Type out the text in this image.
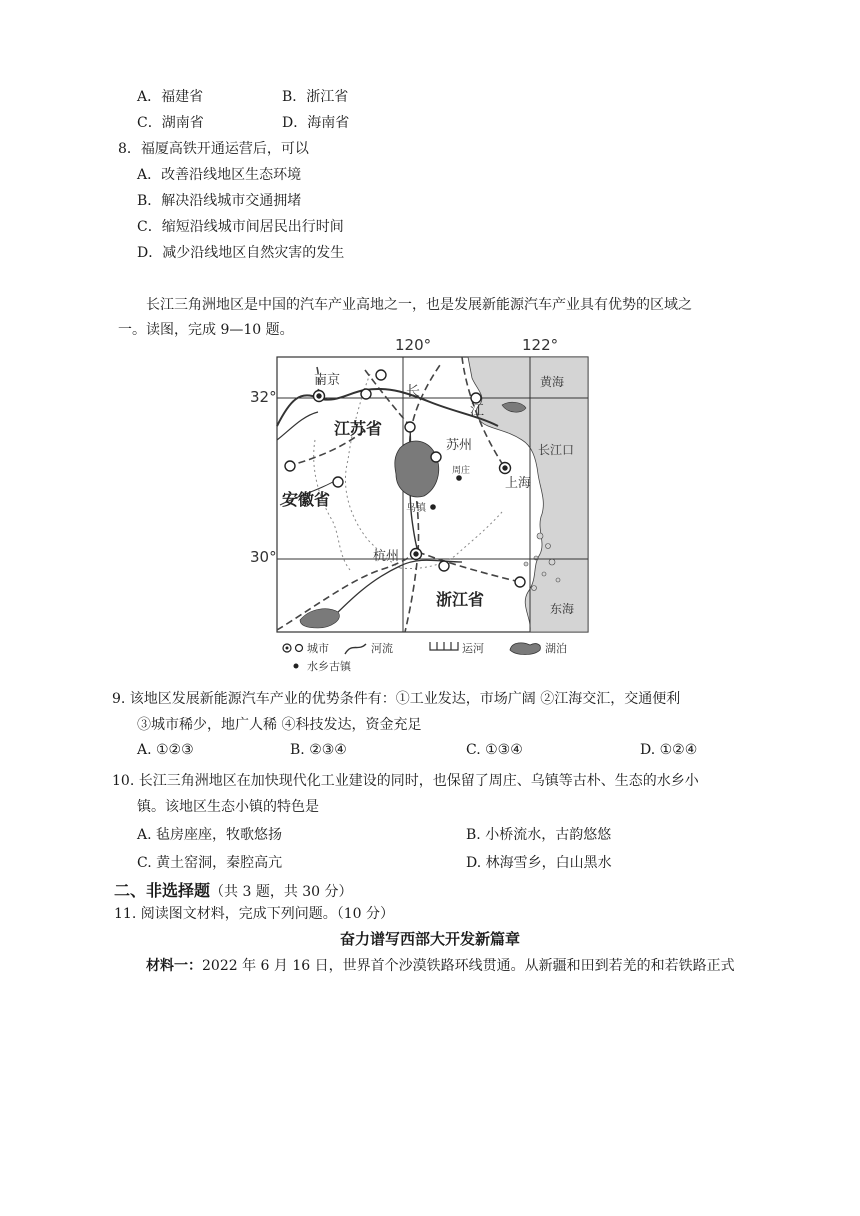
A．福建省	B．浙江省
C．湖南省	D．海南省
8．福厦高铁开通运营后，可以
A．改善沿线地区生态环境
B．解决沿线城市交通拥堵
C．缩短沿线城市间居民出行时间
D．减少沿线地区自然灾害的发生
长江三角洲地区是中国的汽车产业高地之一，也是发展新能源汽车产业具有优势的区域之
一。读图，完成 9—10 题。
120°	122°
32°
30°
南京
江苏省
安徽省
浙江省
苏州
周庄
上海
乌镇
杭州
黄海
长江口
东海
长
江
城市	河流	运河	湖泊
水乡古镇
9. 该地区发展新能源汽车产业的优势条件有：①工业发达，市场广阔 ②江海交汇，交通便利
③城市稀少，地广人稀 ④科技发达，资金充足
A. ①②③	B. ②③④	C. ①③④	D. ①②④
10. 长江三角洲地区在加快现代化工业建设的同时，也保留了周庄、乌镇等古朴、生态的水乡小
镇。该地区生态小镇的特色是
A. 毡房座座，牧歌悠扬	B. 小桥流水，古韵悠悠
C. 黄土窑洞，秦腔高亢	D. 林海雪乡，白山黑水
二、非选择题（共 3 题，共 30 分）
11. 阅读图文材料，完成下列问题。（10 分）
奋力谱写西部大开发新篇章
材料一：2022 年 6 月 16 日，世界首个沙漠铁路环线贯通。从新疆和田到若羌的和若铁路正式
